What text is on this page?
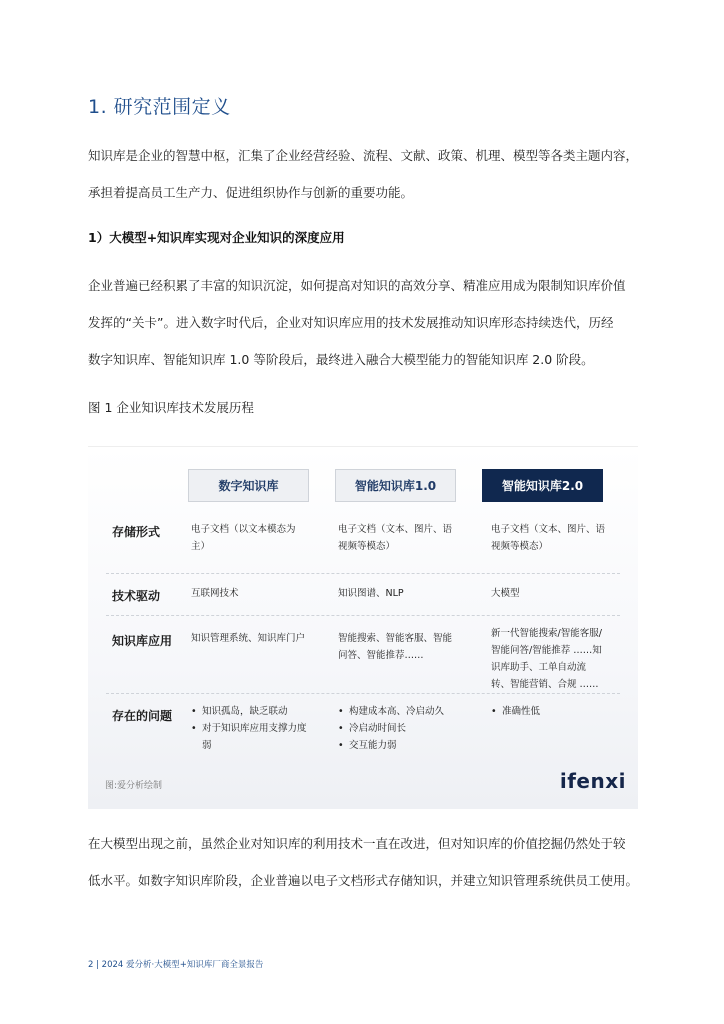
1. 研究范围定义
知识库是企业的智慧中枢，汇集了企业经营经验、流程、文献、政策、机理、模型等各类主题内容，
承担着提高员工生产力、促进组织协作与创新的重要功能。
1）大模型+知识库实现对企业知识的深度应用
企业普遍已经积累了丰富的知识沉淀，如何提高对知识的高效分享、精准应用成为限制知识库价值
发挥的“关卡”。进入数字时代后，企业对知识库应用的技术发展推动知识库形态持续迭代，历经
数字知识库、智能知识库 1.0 等阶段后，最终进入融合大模型能力的智能知识库 2.0 阶段。
图 1 企业知识库技术发展历程
数字知识库	智能知识库1.0	智能知识库2.0
存储形式	电子文档（以文本模态为主）
电子文档（文本、图片、语视频等模态）
电子文档（文本、图片、语视频等模态）
技术驱动	互联网技术	知识图谱、NLP	大模型
知识库应用 知识管理系统、知识库门户	智能搜索、智能客服、智能问答、智能推荐……
新一代智能搜索/智能客服/智能问答/智能推荐 ……知识库助手、工单自动流转、智能营销、合规 ……
存在的问题
•	知识孤岛，缺乏联动
• 对于知识库应用支撑力度弱
• 构建成本高、冷启动久
• 冷启动时间长
• 交互能力弱
• 准确性低
图:爱分析绘制	ifenxi
在大模型出现之前，虽然企业对知识库的利用技术一直在改进，但对知识库的价值挖掘仍然处于较
低水平。如数字知识库阶段，企业普遍以电子文档形式存储知识，并建立知识管理系统供员工使用。
2 | 2024 爱分析·大模型+知识库厂商全景报告
